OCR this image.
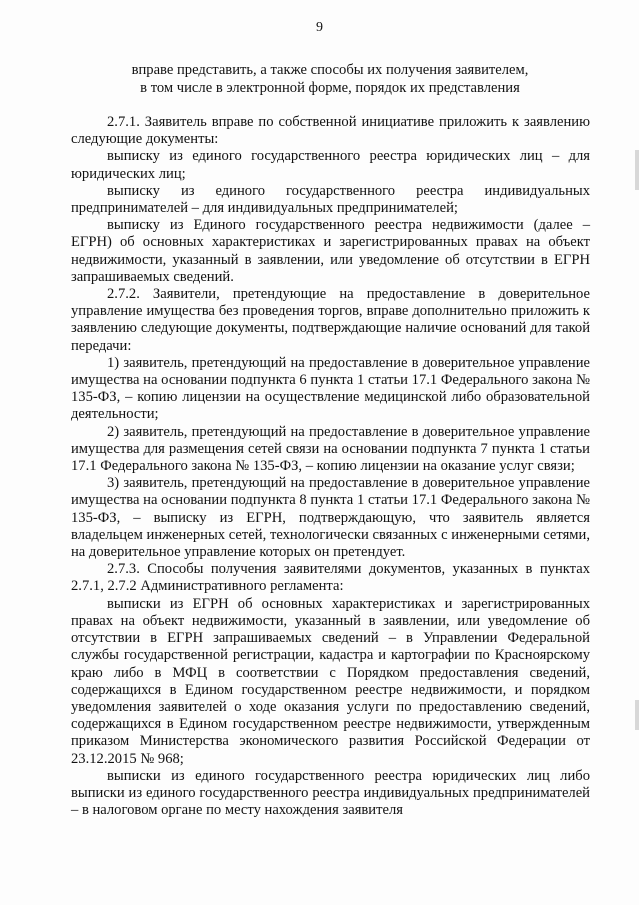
9
вправе представить, а также способы их получения заявителем,
в том числе в электронной форме, порядок их представления

2.7.1. Заявитель вправе по собственной инициативе приложить к заявлению следующие документы:

выписку из единого государственного реестра юридических лиц – для юридических лиц;

выписку из единого государственного реестра индивидуальных предпринимателей – для индивидуальных предпринимателей;

выписку из Единого государственного реестра недвижимости (далее – ЕГРН) об основных характеристиках и зарегистрированных правах на объект недвижимости, указанный в заявлении, или уведомление об отсутствии в ЕГРН запрашиваемых сведений.

2.7.2. Заявители, претендующие на предоставление в доверительное управление имущества без проведения торгов, вправе дополнительно приложить к заявлению следующие документы, подтверждающие наличие оснований для такой передачи:

1) заявитель, претендующий на предоставление в доверительное управление имущества на основании подпункта 6 пункта 1 статьи 17.1 Федерального закона № 135-ФЗ, – копию лицензии на осуществление медицинской либо образовательной деятельности;

2) заявитель, претендующий на предоставление в доверительное управление имущества для размещения сетей связи на основании подпункта 7 пункта 1 статьи 17.1 Федерального закона № 135-ФЗ, – копию лицензии на оказание услуг связи;

3) заявитель, претендующий на предоставление в доверительное управление имущества на основании подпункта 8 пункта 1 статьи 17.1 Федерального закона № 135-ФЗ, – выписку из ЕГРН, подтверждающую, что заявитель является владельцем инженерных сетей, технологически связанных с инженерными сетями, на доверительное управление которых он претендует.

2.7.3. Способы получения заявителями документов, указанных в пунктах 2.7.1, 2.7.2 Административного регламента:

выписки из ЕГРН об основных характеристиках и зарегистрированных правах на объект недвижимости, указанный в заявлении, или уведомление об отсутствии в ЕГРН запрашиваемых сведений – в Управлении Федеральной службы государственной регистрации, кадастра и картографии по Красноярскому краю либо в МФЦ в соответствии с Порядком предоставления сведений, содержащихся в Едином государственном реестре недвижимости, и порядком уведомления заявителей о ходе оказания услуги по предоставлению сведений, содержащихся в Едином государственном реестре недвижимости, утвержденным приказом Министерства экономического развития Российской Федерации от 23.12.2015 № 968;

выписки из единого государственного реестра юридических лиц либо выписки из единого государственного реестра индивидуальных предпринимателей – в налоговом органе по месту нахождения заявителя
